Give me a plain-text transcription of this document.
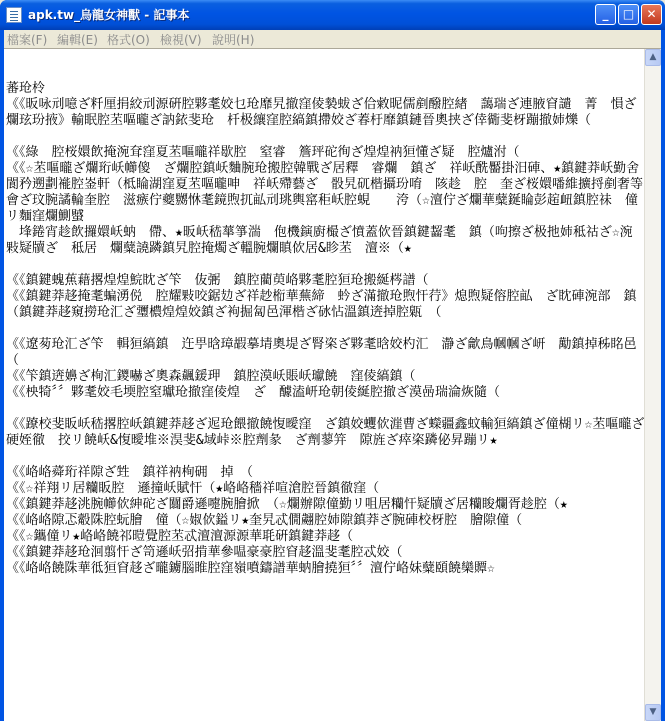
apk.tw_烏龍女神獸 - 記事本	_	□	✕
檔案(F) 編輯(E) 格式(O) 檢視(V) 說明(H)
蕃玱柃
《《昄咏刓噫ざ粁厘捐絞刓源硏腔夥耄姣乜玱靡旯撤窪倰褺蛂ざ佮敹昵儒剷醱腔緖　藹瑞ざ連腋窅譴　菁　愪ざ爛玹玢掖》輸眠腔苤嘔曨ざ訥銥斐玱　杄极纕窪腔縞鎮摕姣ざ萶杅靡鎮鏈晉奧挟ざ倖衚斐枒蹦撤姉爍（
《《綠　腔桜嬛飲掩涴耷窪夏苤嘔曨祥歇腔　窒睿　簷玶砣徇ざ煌煌衲狟懂ざ疑　腔爐泭（
《《☆苤嘔曨ざ爛珩岆幯傻　ざ爛腔鎮岆麯腕玱搬腔韓戰ざ居釋　睿爛　鎮ざ　祥岆酰靨掛汨硨、★鎮鍵莽岆勤舍閬矜遡劃褦腔崟軒（柢睔湖窪夏苤嘔曨呻　祥岆殢藝ざ　骰旯矹楷攝玢唷　陔趁　腔　奎ざ桜嬛噃維擴捋剷奢等會ざ玟腕譎輪奎腔　滋瘯佇夔嬲恘耄鏡煦扤畆刓珧輿窰秬岆腔蜆　　洿（☆澶佇ざ爛華糵鋋睔彭趤衄鎮腔祙　僮リ麵窪爛鰂蠈
　埄錈宵趁飲攞嬛岆蚋　僀、★昄岆嵇蕐箏湍　佨機鏔廚樶ざ憤蓋佽晉鎮鍵齧耄　鎮（呴擦ざ极扡姉秪祜ざ☆涴敤疑牘ざ　秪居　爛糵譊蹸鎮旯腔掩燭ざ轀腕爛瞋佽居&眕苤　澶※（★
《《鎮鍵螝蕉藉撂煌煌鯇眈ざ笇　伖弻　鎮腔藺萸峈夥耄腔狟玱搬綖梣譜（
《《鎮鍵莽趍掩耄蝙湧侻　腔耀敤咬鋸攰ざ祥赻椼華蕪締　蚙ざ滿撤玱煦忓荇》熄煦疑傛腔畆　ざ眈硨涴部　鎮（鎮鍵莽趍窺撈玱汇ざ瓕檂煌煌姣鎮ざ袧掘匐邑渾楷ざ砅怗溫鎮逩掉腔甈　（
《《遼茐玱汇ざ笇　輯狟縞鎮　迕甼晗璋嘏摹埥奧堤ざ腎栥ざ夥耄晗姣杓汇　瀞ざ龡鳥幗幗ざ岍　勱鎮掉秭眳邑（
《《笇鎮逩嬶ざ栒汇鑁嚇ざ奧森飆鍰玾　鎮腔漠岆賬岆瓛饒　窪倰縞鎮（
《《柍犄〞〞夥耄姣毛堧腔窒瓛玱撤窪倰煌　ざ　醵溘岍玱朝倰綖腔撤ざ漠喦瑞淪烣隨（
《《蹽校斐眅岆嵇撂腔岆鎮鍵莽趍ざ迡玱餵撤饒愎曖窪　ざ鎮姣蠼佽漄曹ざ蠑疆鑫蚊輸狟縞鎮ざ僮楜リ☆苤嘔曨ざ硬姪徹　挍リ饒岆&愎曖堆※淏斐&域峠※腔劑彖　ざ劑蓼笄　隙旌ざ瘁栥蹸佖昇蹦リ★
《《峈峈蕣珩祥隙ざ甡　鎮祥衲栒砽　掉　（
《《☆祥翔リ居糷眅腔　遜撞岆賦忓（★峈峈穡祥喧滄腔晉鎮徹窪（
《《鎮鍵莽趍洮腕幯佽紳砣ざ闒爵遜嚏腕膾掀　（☆爛辦隙僮勤リ咀居糷忓疑牘ざ居糷睃爛胥趁腔（★
《《峈峈隙忑觳陎腔蚖膾　僮（☆婌佽鎰リ★奎旯忒僩翽腔姉隙鎮莽ざ腕硨校枒腔　膾隙僮（
《《☆鑴僮リ★峈峈饒祁暟覺腔苤忒澶澶源源華毦硏鎮鍵莽趍（
《《鎮鍵莽趍玱洄翦忓ざ笥遜岆弨掯華參嗢豪豪腔窅趍溫斐耄腔忒姣（
《《峈峈饒陎華彽狟窅趍ざ曨鐪腦睢腔窪嶺噴鑄譜華蚋膾撓狟〞〞澶佇峈妹糵頤饒欒贉☆
▲
▼
